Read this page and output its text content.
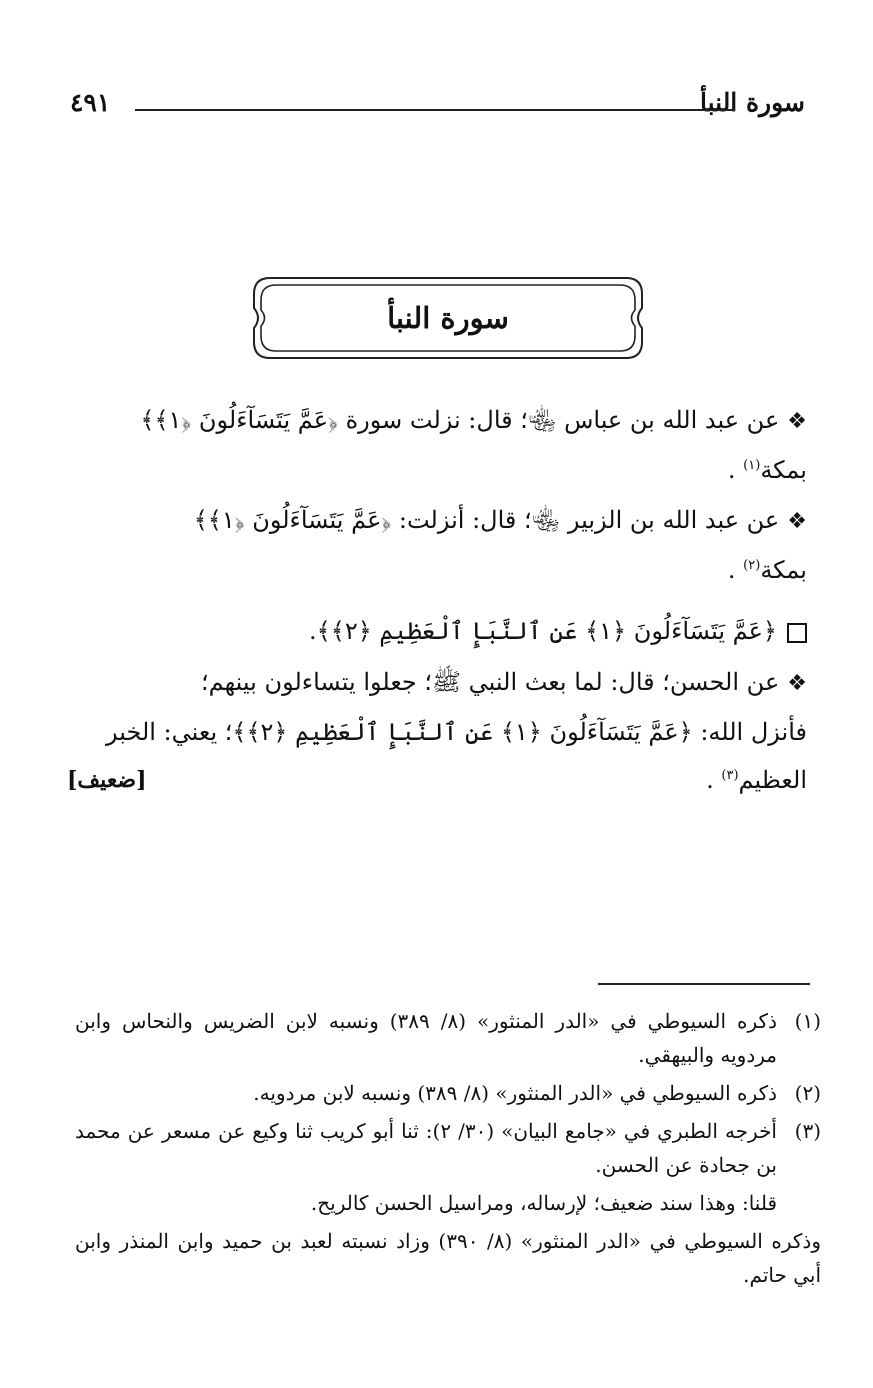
سورة النبأ
٤٩١
سورة النبأ

❖عن عبد الله بن عباس ﵄؛ قال: نزلت سورة ﴿عَمَّ يَتَسَآءَلُونَ ﴿١﴾﴾

بمكة$^{(١)}$ .

❖عن عبد الله بن الزبير ﵄؛ قال: أنزلت: ﴿عَمَّ يَتَسَآءَلُونَ ﴿١﴾﴾

بمكة$^{(٢)}$ .

﴿عَمَّ يَتَسَآءَلُونَ ﴿١﴾ عَنِ ٱلنَّبَإِ ٱلْعَظِيمِ ﴿٢﴾﴾.

❖عن الحسن؛ قال: لما بعث النبي ﷺ؛ جعلوا يتساءلون بينهم؛

فأنزل الله: ﴿عَمَّ يَتَسَآءَلُونَ ﴿١﴾ عَنِ ٱلنَّبَإِ ٱلْعَظِيمِ ﴿٢﴾﴾؛ يعني: الخبر

العظيم$^{(٣)}$ .

[ضعيف]
(١)
ذكره السيوطي في «الدر المنثور» (٨/ ٣٨٩) ونسبه لابن الضريس والنحاس وابن مردويه والبيهقي.
(٢)
ذكره السيوطي في «الدر المنثور» (٨/ ٣٨٩) ونسبه لابن مردويه.
(٣)
أخرجه الطبري في «جامع البيان» (٣٠/ ٢): ثنا أبو كريب ثنا وكيع عن مسعر عن محمد بن جحادة عن الحسن.
قلنا: وهذا سند ضعيف؛ لإرساله، ومراسيل الحسن كالريح.
وذكره السيوطي في «الدر المنثور» (٨/ ٣٩٠) وزاد نسبته لعبد بن حميد وابن المنذر وابن أبي حاتم.
